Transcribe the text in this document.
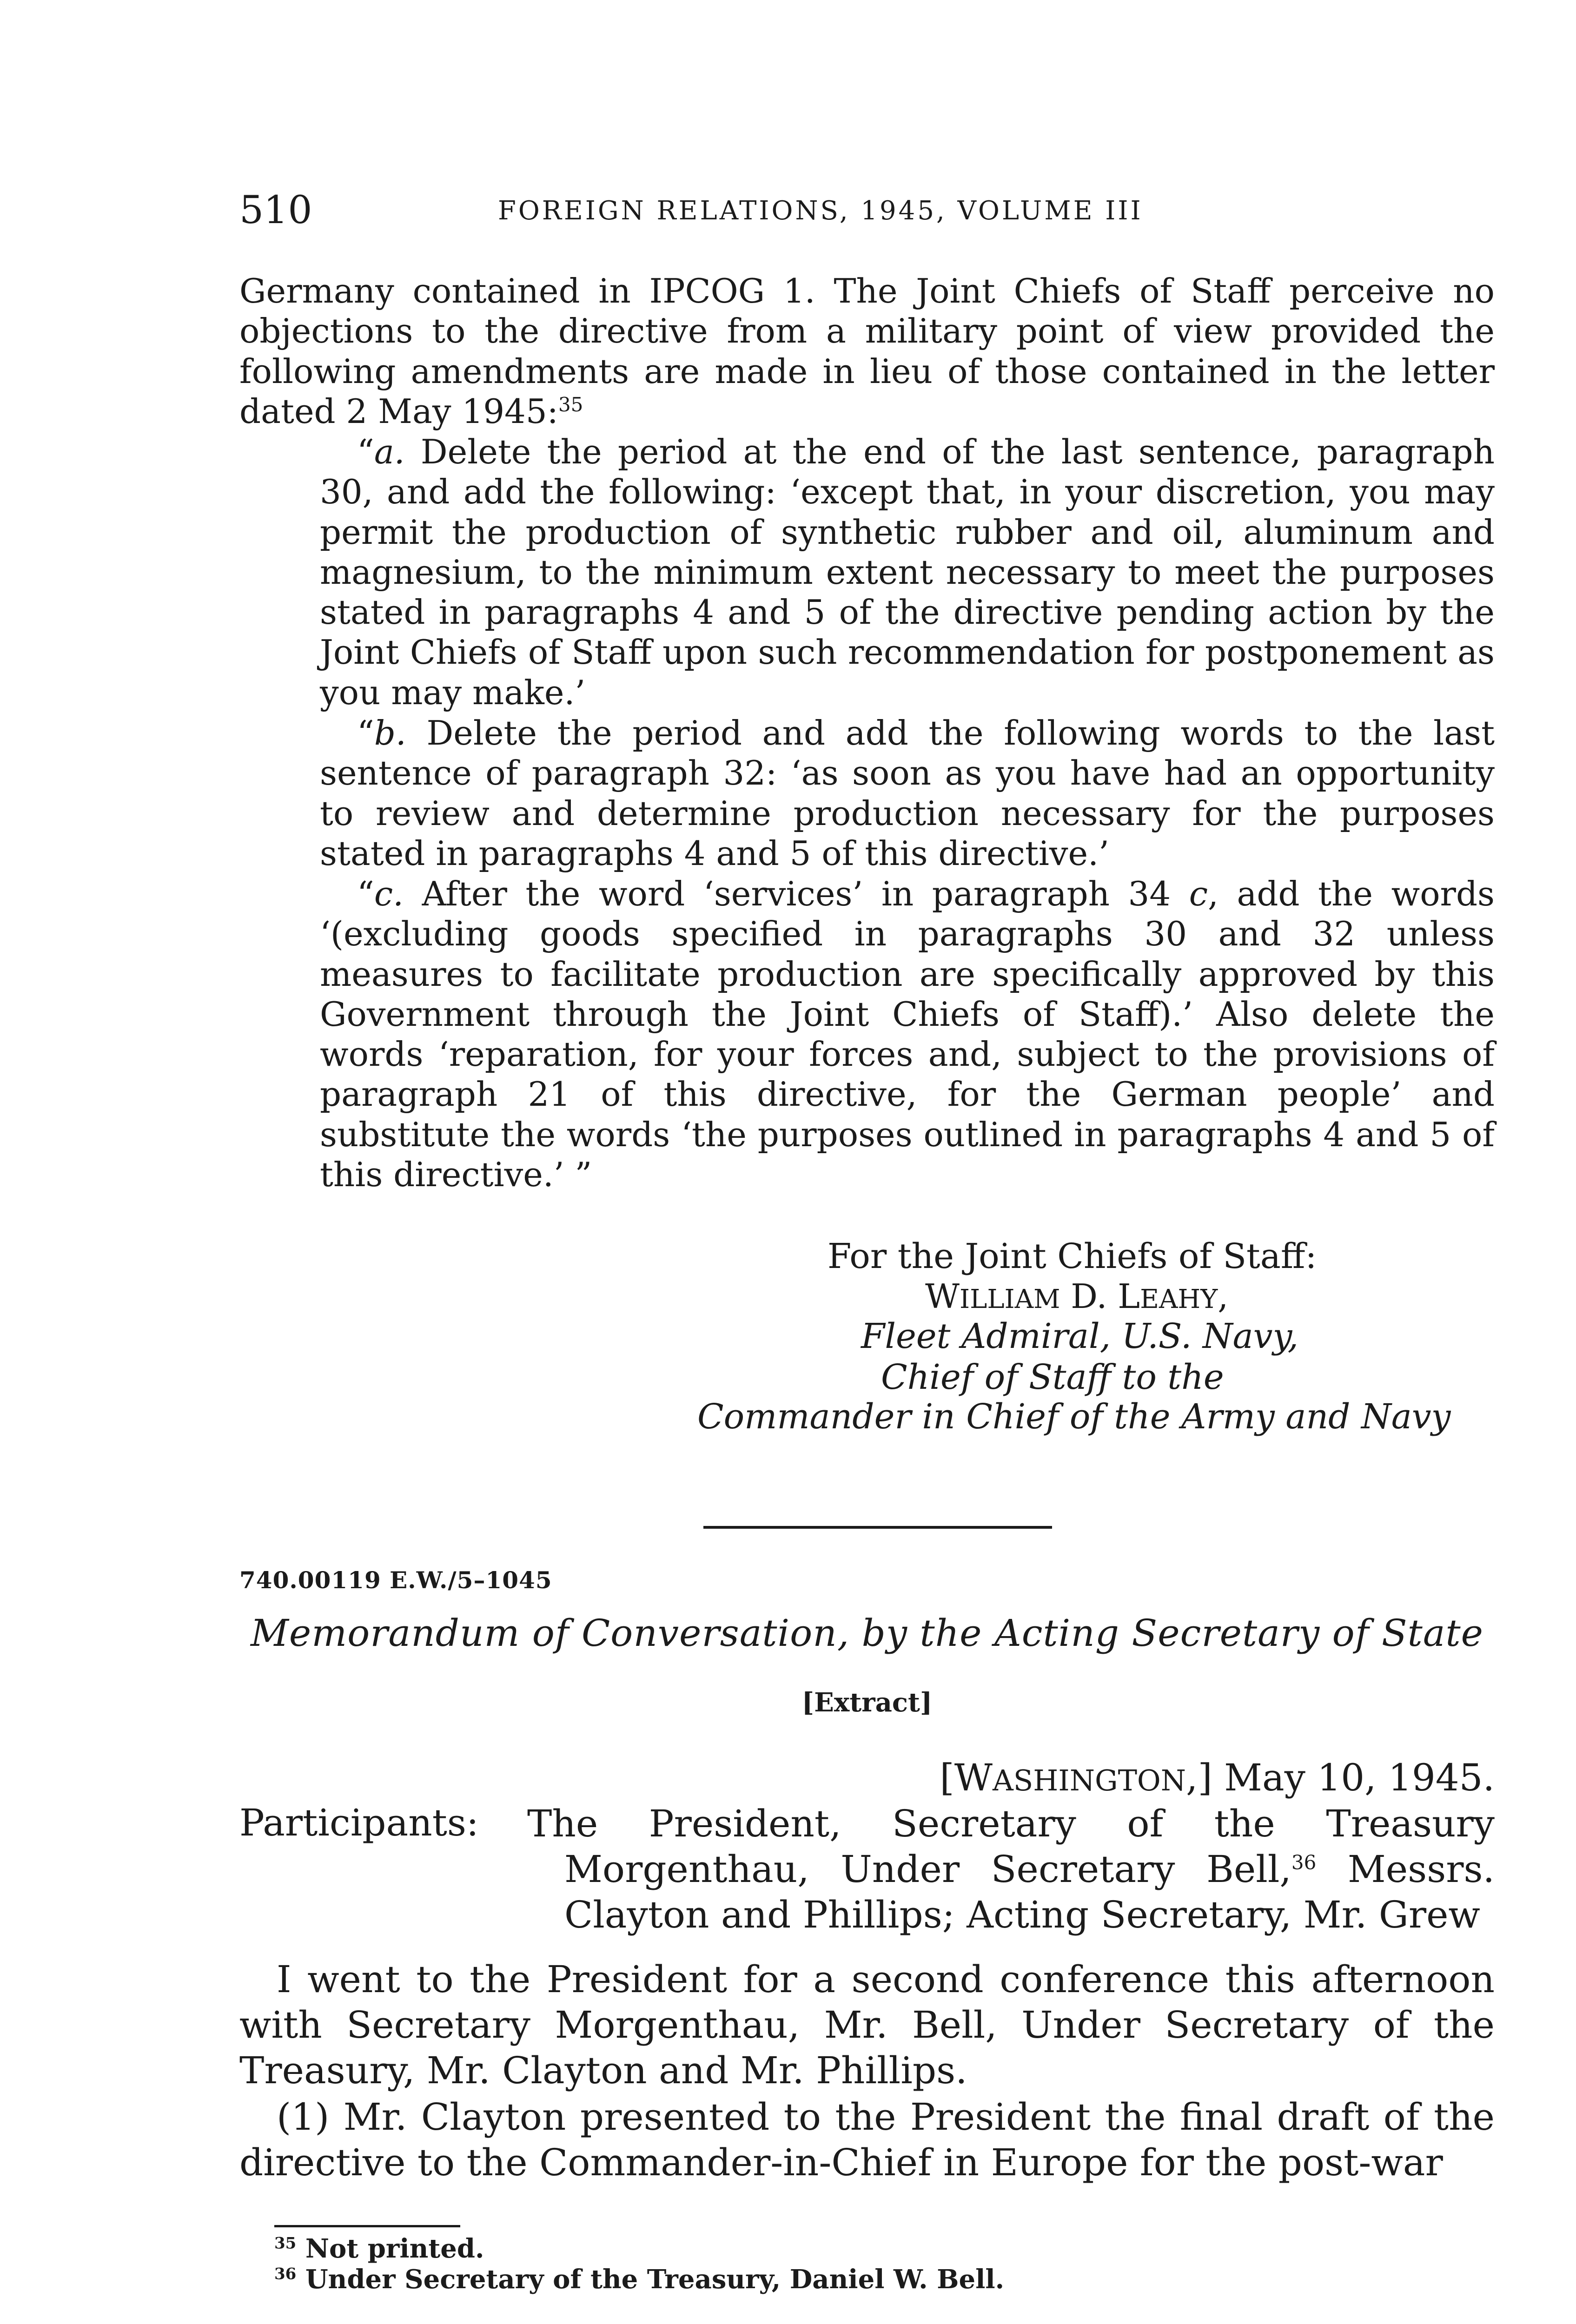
510	FOREIGN RELATIONS, 1945, VOLUME III

Germany contained in IPCOG 1. The Joint Chiefs of Staff perceive no objections to the directive from a military point of view provided the following amendments are made in lieu of those contained in the letter dated 2 May 1945:$^{35}$

“a. Delete the period at the end of the last sentence, paragraph 30, and add the following: ‘except that, in your discretion, you may permit the production of synthetic rubber and oil, aluminum and magnesium, to the minimum extent necessary to meet the purposes stated in paragraphs 4 and 5 of the directive pending action by the Joint Chiefs of Staff upon such recommendation for postponement as you may make.’

“b. Delete the period and add the following words to the last sentence of paragraph 32: ‘as soon as you have had an opportunity to review and determine production necessary for the purposes stated in paragraphs 4 and 5 of this directive.’

“c. After the word ‘services’ in paragraph 34 c, add the words ‘(excluding goods specified in paragraphs 30 and 32 unless measures to facilitate production are specifically approved by this Government through the Joint Chiefs of Staff).’ Also delete the words ‘reparation, for your forces and, subject to the provisions of paragraph 21 of this directive, for the German people’ and substitute the words ‘the purposes outlined in paragraphs 4 and 5 of this directive.’ ”

For the Joint Chiefs of Staff:
WILLIAM D. LEAHY,
Fleet Admiral, U.S. Navy,
Chief of Staff to the
Commander in Chief of the Army and Navy
740.00119 E.W./5–1045
Memorandum of Conversation, by the Acting Secretary of State
[Extract]
[WASHINGTON,] May 10, 1945.
Participants: The President, Secretary of the Treasury Morgenthau, Under Secretary Bell,$^{36}$ Messrs. Clayton and Phillips; Acting Secretary, Mr. Grew

I went to the President for a second conference this afternoon with Secretary Morgenthau, Mr. Bell, Under Secretary of the Treasury, Mr. Clayton and Mr. Phillips.

(1) Mr. Clayton presented to the President the final draft of the directive to the Commander-in-Chief in Europe for the post-war

$^{35}$ Not printed.

$^{36}$ Under Secretary of the Treasury, Daniel W. Bell.
